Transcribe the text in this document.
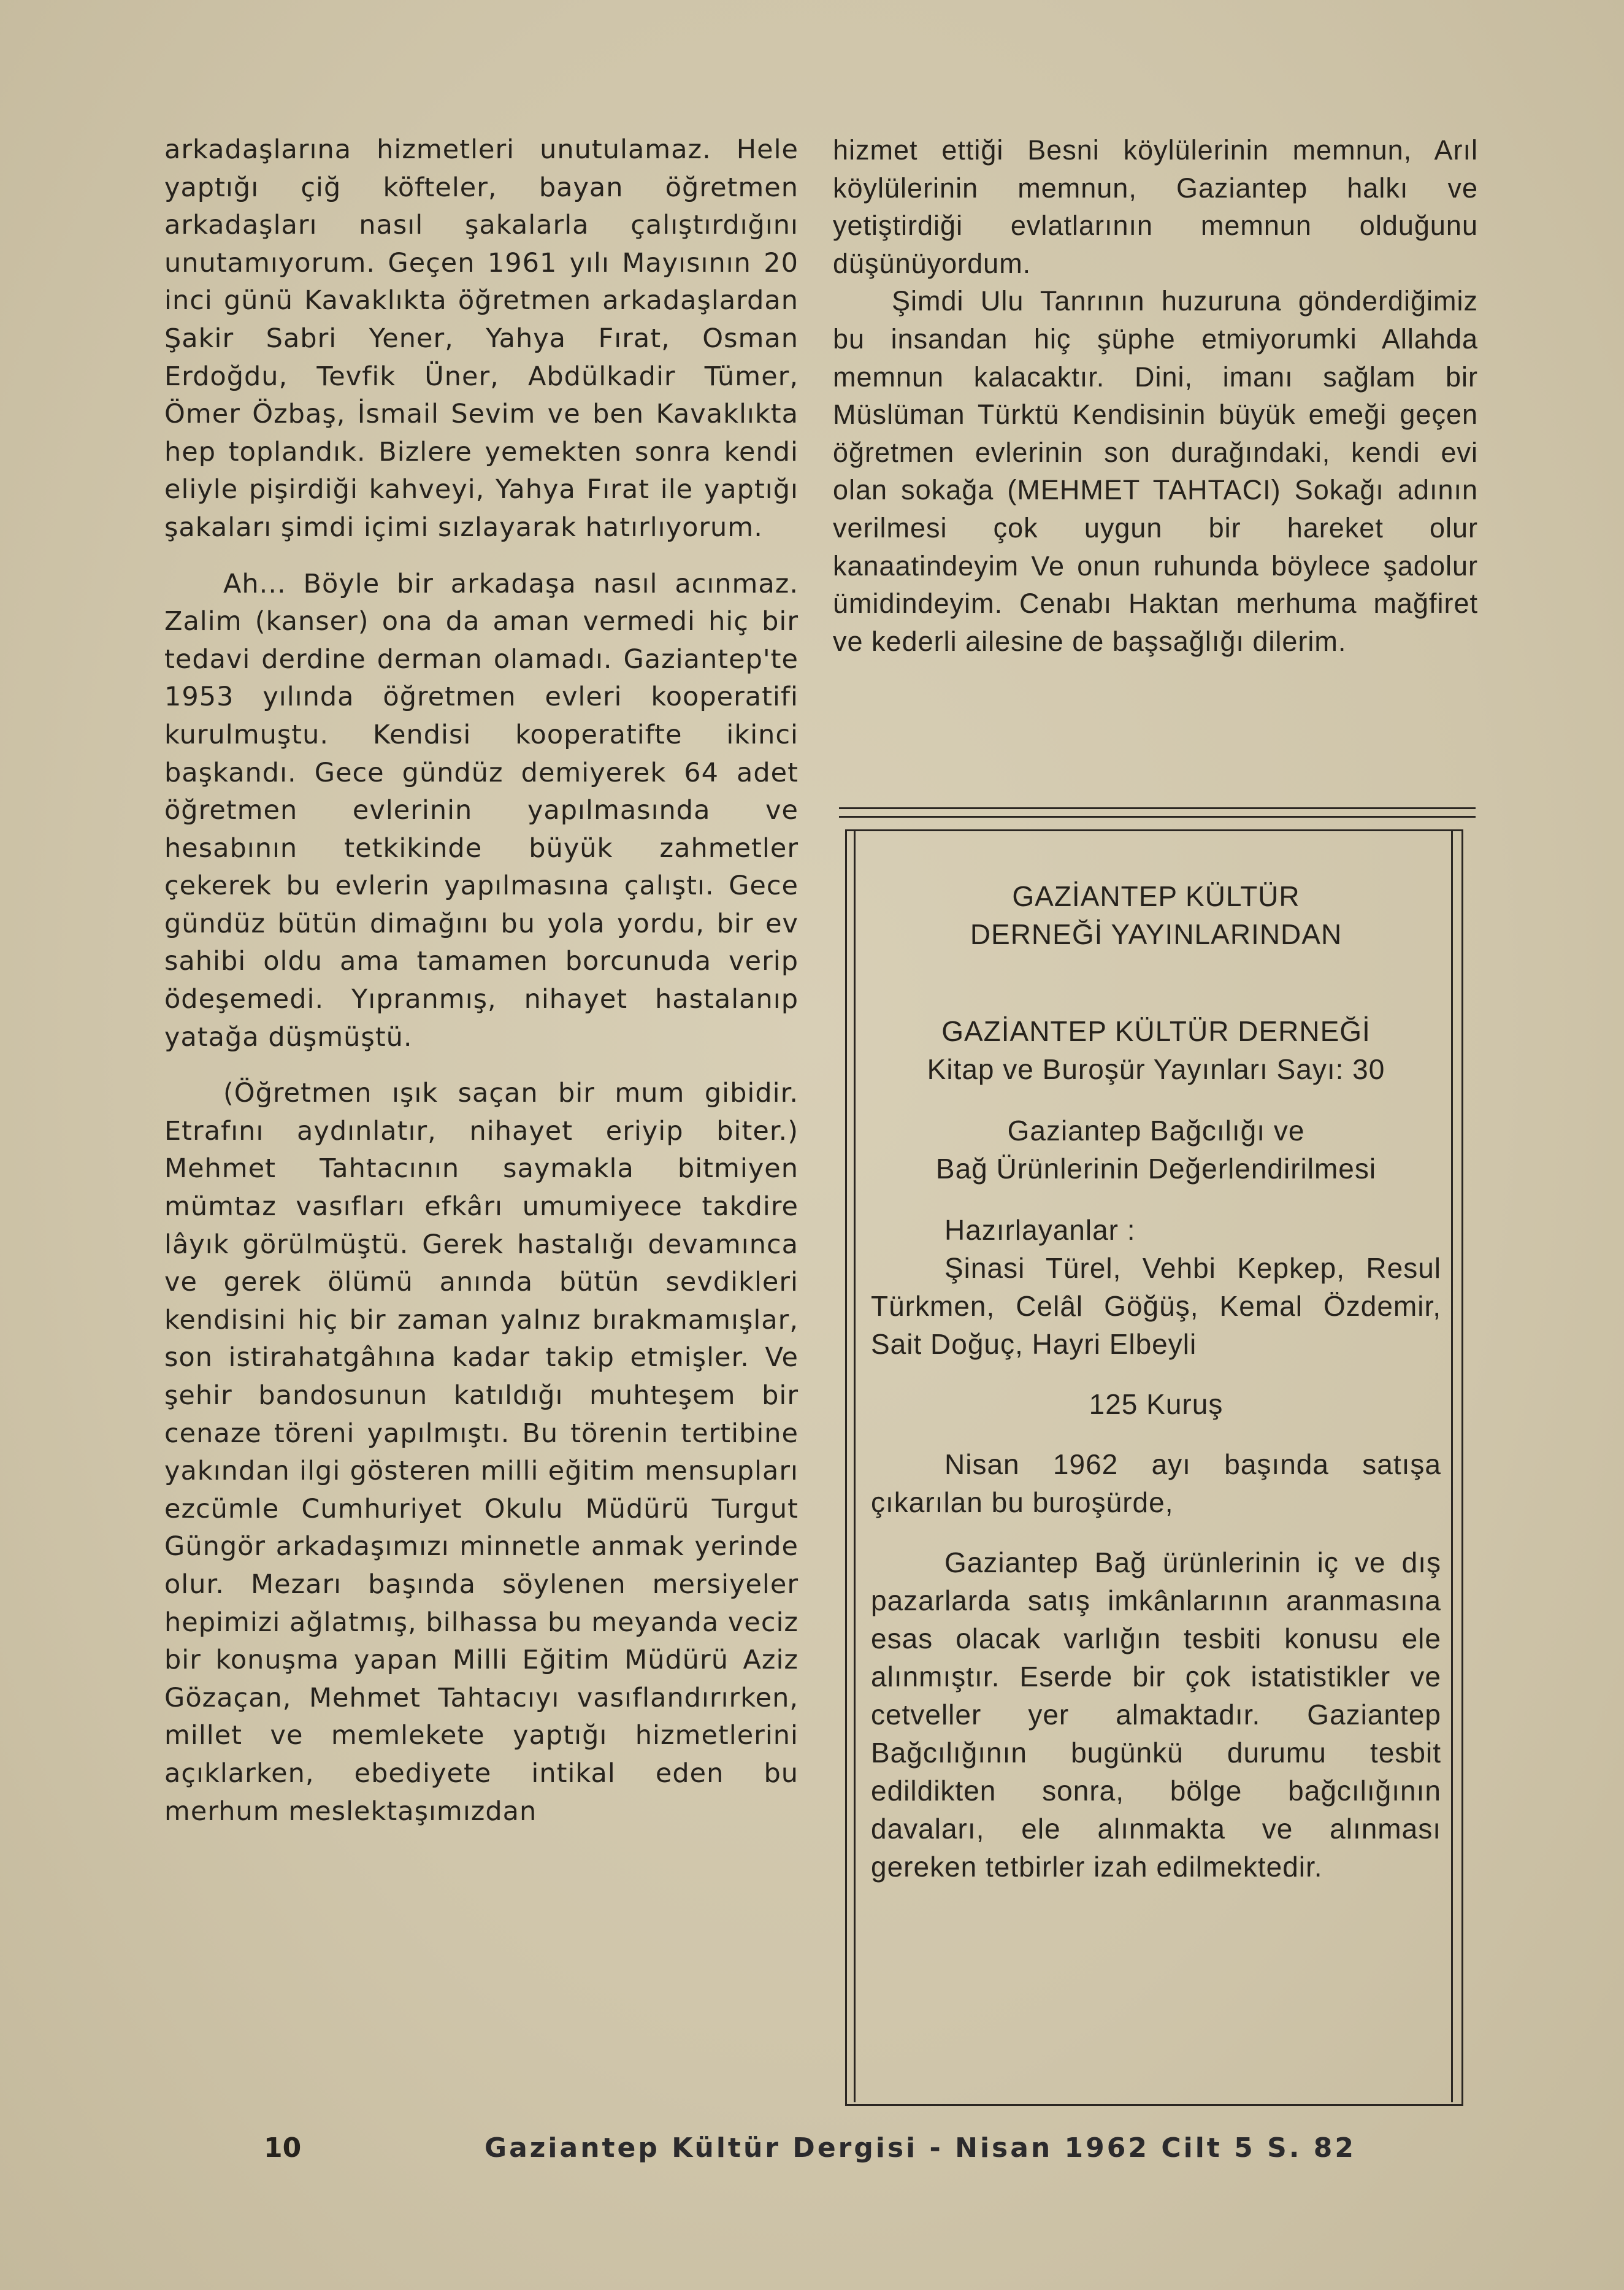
arkadaşlarına hizmetleri unutulamaz. Hele yaptığı çiğ köfteler, bayan öğretmen arkadaşları nasıl şakalarla çalıştırdığını unutamıyorum. Geçen 1961 yılı Mayısının 20 inci günü Kavaklıkta öğretmen arkadaşlardan Şakir Sabri Yener, Yahya Fırat, Osman Erdoğdu, Tevfik Üner, Abdülkadir Tümer, Ömer Özbaş, İsmail Sevim ve ben Kavaklıkta hep toplandık. Bizlere yemekten sonra kendi eliyle pişirdiği kahveyi, Yahya Fırat ile yaptığı şakaları şimdi içimi sızlayarak hatırlıyorum.

Ah... Böyle bir arkadaşa nasıl acınmaz. Zalim (kanser) ona da aman vermedi hiç bir tedavi derdine derman olamadı. Gaziantep'te 1953 yılında öğretmen evleri kooperatifi kurulmuştu. Kendisi kooperatifte ikinci başkandı. Gece gündüz demiyerek 64 adet öğretmen evlerinin yapılmasında ve hesabının tetkikinde büyük zahmetler çekerek bu evlerin yapılmasına çalıştı. Gece gündüz bütün dimağını bu yola yordu, bir ev sahibi oldu ama tamamen borcunuda verip ödeşemedi. Yıpranmış, nihayet hastalanıp yatağa düşmüştü.

(Öğretmen ışık saçan bir mum gibidir. Etrafını aydınlatır, nihayet eriyip biter.) Mehmet Tahtacının saymakla bitmiyen mümtaz vasıfları efkârı umumiyece takdire lâyık görülmüştü. Gerek hastalığı devamınca ve gerek ölümü anında bütün sevdikleri kendisini hiç bir zaman yalnız bırakmamışlar, son istirahatgâhına kadar takip etmişler. Ve şehir bandosunun katıldığı muhteşem bir cenaze töreni yapılmıştı. Bu törenin tertibine yakından ilgi gösteren milli eğitim mensupları ezcümle Cumhuriyet Okulu Müdürü Turgut Güngör arkadaşımızı minnetle anmak yerinde olur. Mezarı başında söylenen mersiyeler hepimizi ağlatmış, bilhassa bu meyanda veciz bir konuşma yapan Milli Eğitim Müdürü Aziz Gözaçan, Mehmet Tahtacıyı vasıflandırırken, millet ve memlekete yaptığı hizmetlerini açıklarken, ebediyete intikal eden bu merhum meslektaşımızdan

hizmet ettiği Besni köylülerinin memnun, Arıl köylülerinin memnun, Gaziantep halkı ve yetiştirdiği evlatlarının memnun olduğunu düşünüyordum.

Şimdi Ulu Tanrının huzuruna gönderdiğimiz bu insandan hiç şüphe etmiyorumki Allahda memnun kalacaktır. Dini, imanı sağlam bir Müslüman Türktü Kendisinin büyük emeği geçen öğretmen evlerinin son durağındaki, kendi evi olan sokağa (MEHMET TAHTACI) Sokağı adının verilmesi çok uygun bir hareket olur kanaatindeyim Ve onun ruhunda böylece şadolur ümidindeyim. Cenabı Haktan merhuma mağfiret ve kederli ailesine de başsağlığı dilerim.

GAZİANTEP KÜLTÜR

DERNEĞİ YAYINLARINDAN

GAZİANTEP KÜLTÜR DERNEĞİ

Kitap ve Buroşür Yayınları Sayı: 30

Gaziantep Bağcılığı ve

Bağ Ürünlerinin Değerlendirilmesi

Hazırlayanlar :

Şinasi Türel, Vehbi Kepkep, Resul Türkmen, Celâl Göğüş, Kemal Özdemir, Sait Doğuç, Hayri Elbeyli

125 Kuruş

Nisan 1962 ayı başında satışa çıkarılan bu buroşürde,

Gaziantep Bağ ürünlerinin iç ve dış pazarlarda satış imkânlarının aranmasına esas olacak varlığın tesbiti konusu ele alınmıştır. Eserde bir çok istatistikler ve cetveller yer almaktadır. Gaziantep Bağcılığının bugünkü durumu tesbit edildikten sonra, bölge bağcılığının davaları, ele alınmakta ve alınması gereken tetbirler izah edilmektedir.

10	Gaziantep Kültür Dergisi - Nisan 1962 Cilt 5 S. 82
